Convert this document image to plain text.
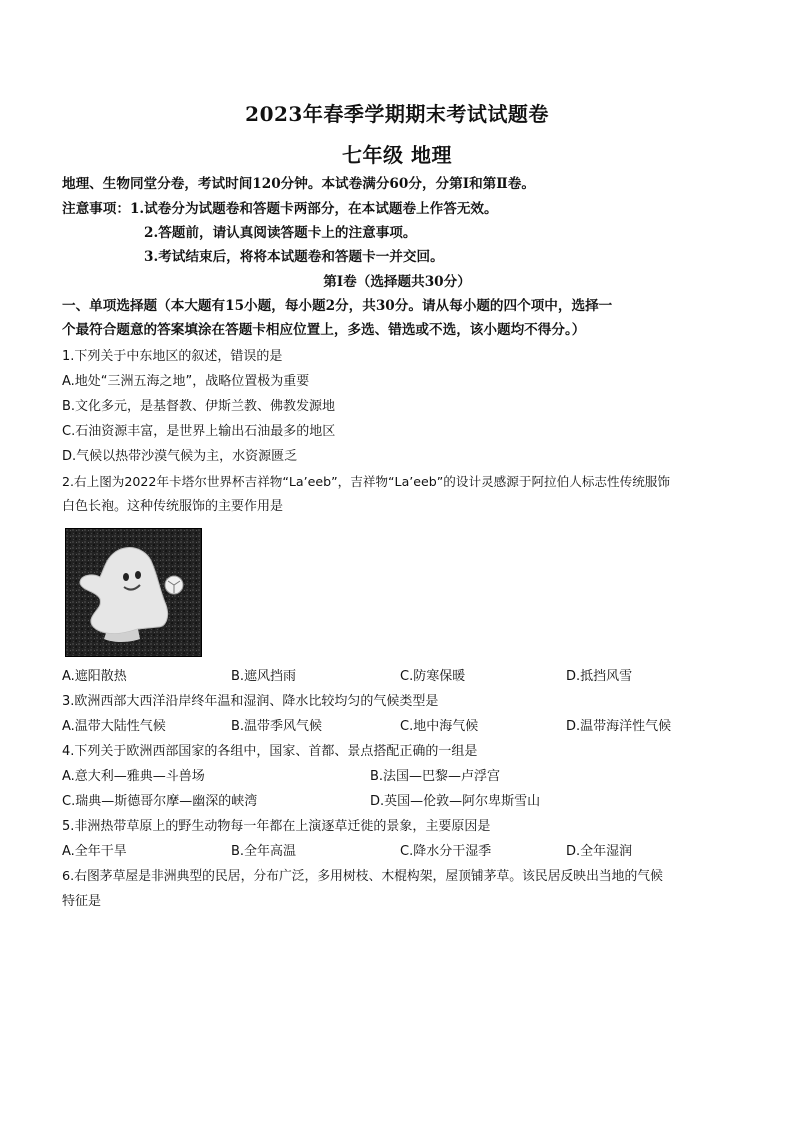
2023年春季学期期末考试试题卷
七年级 地理
地理、生物同堂分卷，考试时间120分钟。本试卷满分60分，分第Ⅰ和第Ⅱ卷。
注意事项：1.试卷分为试题卷和答题卡两部分，在本试题卷上作答无效。
2.答题前，请认真阅读答题卡上的注意事项。
3.考试结束后，将将本试题卷和答题卡一并交回。
第Ⅰ卷（选择题共30分）
一、单项选择题（本大题有15小题，每小题2分，共30分。请从每小题的四个项中，选择一
个最符合题意的答案填涂在答题卡相应位置上，多选、错选或不选，该小题均不得分。）
1.下列关于中东地区的叙述，错误的是
A.地处“三洲五海之地”，战略位置极为重要
B.文化多元，是基督教、伊斯兰教、佛教发源地
C.石油资源丰富，是世界上输出石油最多的地区
D.气候以热带沙漠气候为主，水资源匮乏
2.右上图为2022年卡塔尔世界杯吉祥物“La’eeb”，吉祥物“La’eeb”的设计灵感源于阿拉伯人标志性传统服饰
白色长袍。这种传统服饰的主要作用是
A.遮阳散热	B.遮风挡雨	C.防寒保暖	D.抵挡风雪
3.欧洲西部大西洋沿岸终年温和湿润、降水比较均匀的气候类型是
A.温带大陆性气候	B.温带季风气候	C.地中海气候	D.温带海洋性气候
4.下列关于欧洲西部国家的各组中，国家、首都、景点搭配正确的一组是
A.意大利—雅典—斗兽场	B.法国—巴黎—卢浮宫
C.瑞典—斯德哥尔摩—幽深的峡湾	D.英国—伦敦—阿尔卑斯雪山
5.非洲热带草原上的野生动物每一年都在上演逐草迁徙的景象，主要原因是
A.全年干旱	B.全年高温	C.降水分干湿季	D.全年湿润
6.右图茅草屋是非洲典型的民居，分布广泛，多用树枝、木棍构架，屋顶铺茅草。该民居反映出当地的气候
特征是
